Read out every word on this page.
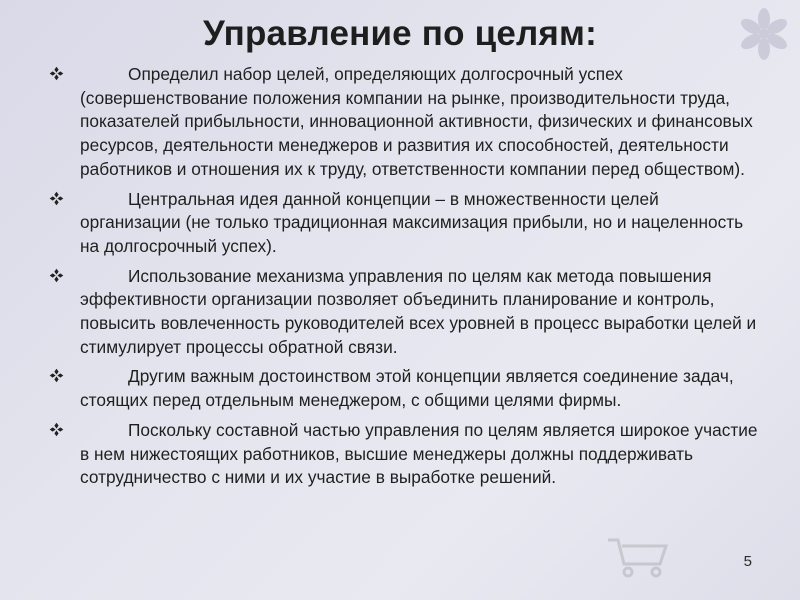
Управление по целям:
Определил набор целей, определяющих долгосрочный успех (совершенствование положения компании на рынке, производительности труда, показателей прибыльности, инновационной активности, физических и финансовых ресурсов, деятельности менеджеров и развития их способностей, деятельности работников и отношения их к труду, ответственности компании перед обществом).
Центральная идея данной концепции – в множественности целей организации (не только традиционная максимизация прибыли, но и нацеленность на долгосрочный успех).
Использование механизма управления по целям как метода повышения эффективности организации позволяет объединить планирование и контроль, повысить вовлеченность руководителей всех уровней в процесс выработки целей и стимулирует процессы обратной связи.
Другим важным достоинством этой концепции является соединение задач, стоящих перед отдельным менеджером, с общими целями фирмы.
Поскольку составной частью управления по целям является широкое участие в нем нижестоящих работников, высшие менеджеры должны поддерживать сотрудничество с ними и их участие в выработке решений.
5
